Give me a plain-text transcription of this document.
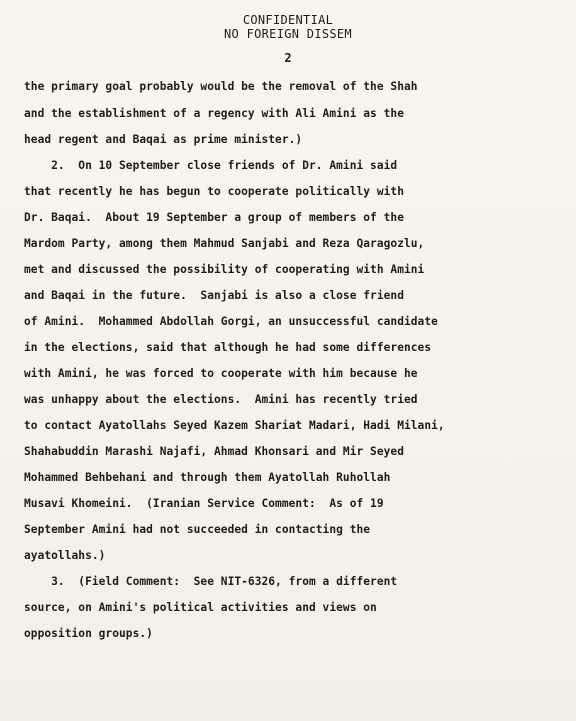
CONFIDENTIAL
NO FOREIGN DISSEM
2
the primary goal probably would be the removal of the Shah
and the establishment of a regency with Ali Amini as the
head regent and Baqai as prime minister.)
2.  On 10 September close friends of Dr. Amini said
that recently he has begun to cooperate politically with
Dr. Baqai.  About 19 September a group of members of the
Mardom Party, among them Mahmud Sanjabi and Reza Qaragozlu,
met and discussed the possibility of cooperating with Amini
and Baqai in the future.  Sanjabi is also a close friend
of Amini.  Mohammed Abdollah Gorgi, an unsuccessful candidate
in the elections, said that although he had some differences
with Amini, he was forced to cooperate with him because he
was unhappy about the elections.  Amini has recently tried
to contact Ayatollahs Seyed Kazem Shariat Madari, Hadi Milani,
Shahabuddin Marashi Najafi, Ahmad Khonsari and Mir Seyed
Mohammed Behbehani and through them Ayatollah Ruhollah
Musavi Khomeini.  (Iranian Service Comment:  As of 19
September Amini had not succeeded in contacting the
ayatollahs.)
3.  (Field Comment:  See NIT-6326, from a different
source, on Amini's political activities and views on
opposition groups.)
